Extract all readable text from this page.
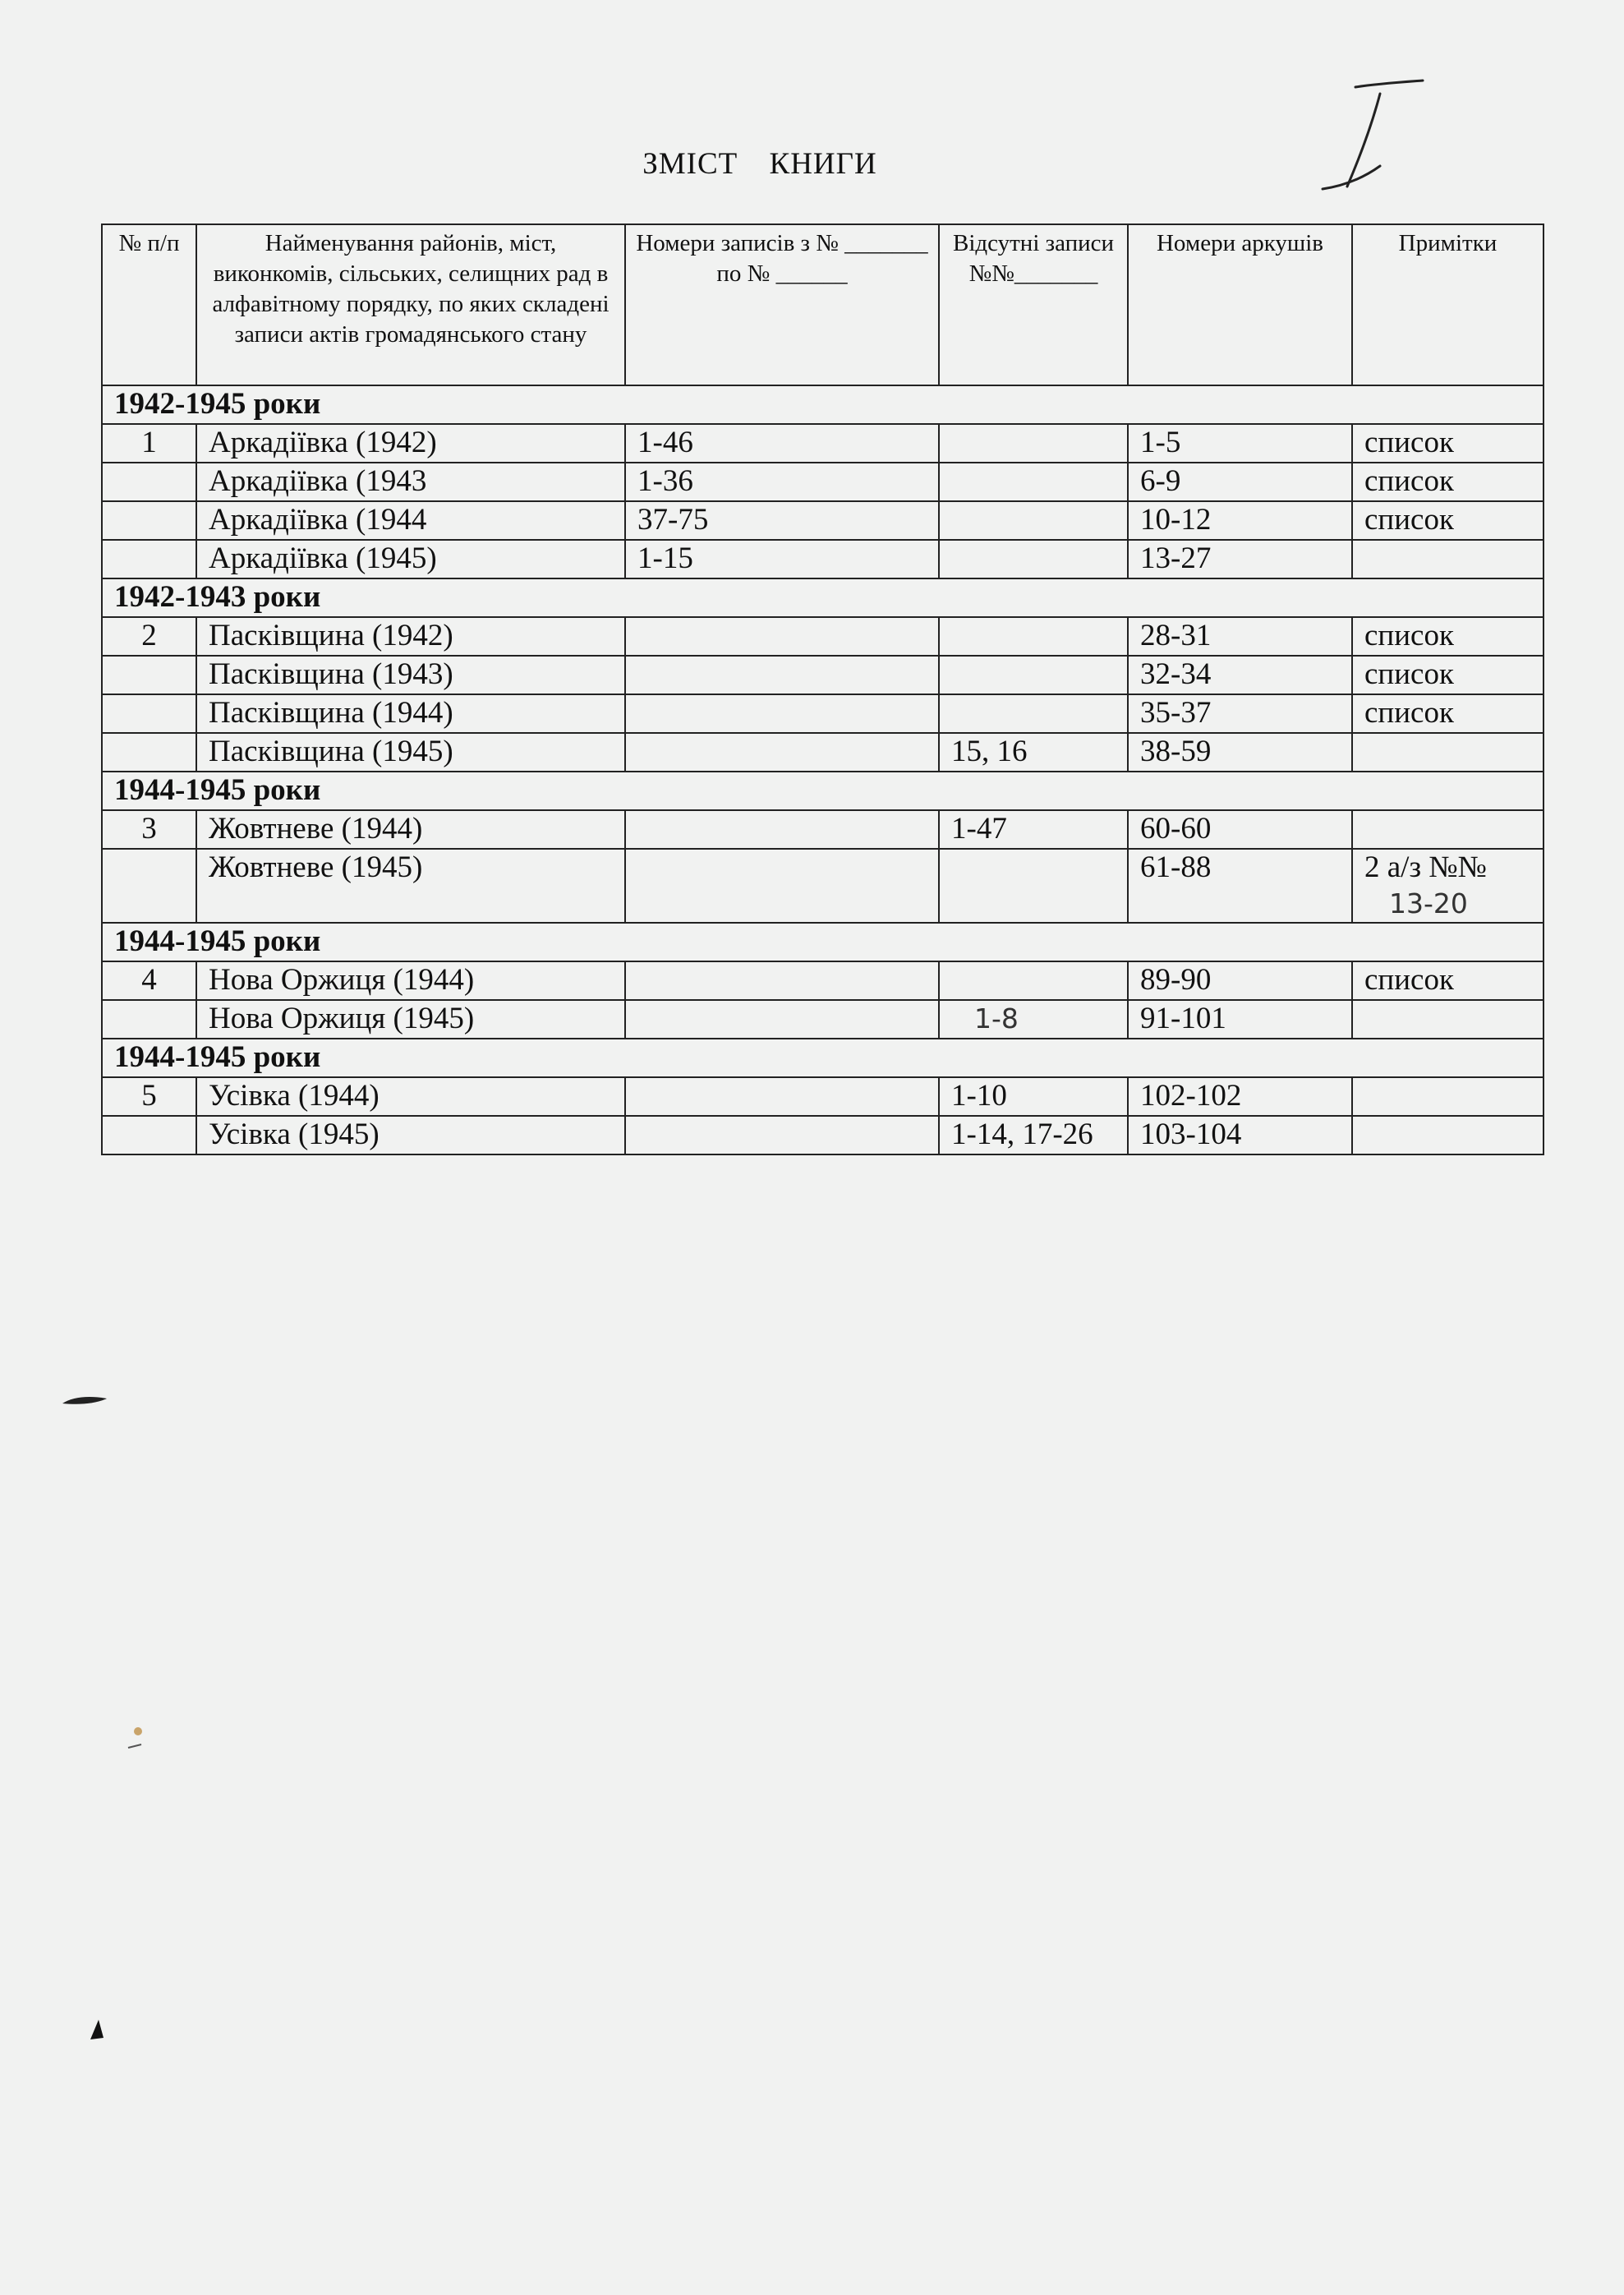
ЗМІСТ КНИГИ
№ п/п	Найменування районів, міст, виконкомів, сільських, селищних рад в алфавітному порядку, по яких складені записи актів громадянського стану	Номери записів з № _______ по № ______	Відсутні записи №№_______	Номери аркушів	Примітки
1942-1945 роки					
1	Аркадіївка (1942)	1-46		1-5	список
	Аркадіївка (1943	1-36		6-9	список
	Аркадіївка (1944	37-75		10-12	список
	Аркадіївка (1945)	1-15		13-27	
1942-1943 роки					
2	Пасківщина (1942)			28-31	список
	Пасківщина (1943)			32-34	список
	Пасківщина (1944)			35-37	список
	Пасківщина (1945)		15, 16	38-59	
1944-1945 роки					
3	Жовтневе (1944)		1-47	60-60	
	Жовтневе (1945)			61-88	2 а/з №№
13-20

1944-1945 роки					
4	Нова Оржиця (1944)			89-90	список
	Нова Оржиця (1945)		1-8	91-101	
1944-1945 роки					
5	Усівка (1944)		1-10	102-102	
	Усівка (1945)		1-14, 17-26	103-104	
